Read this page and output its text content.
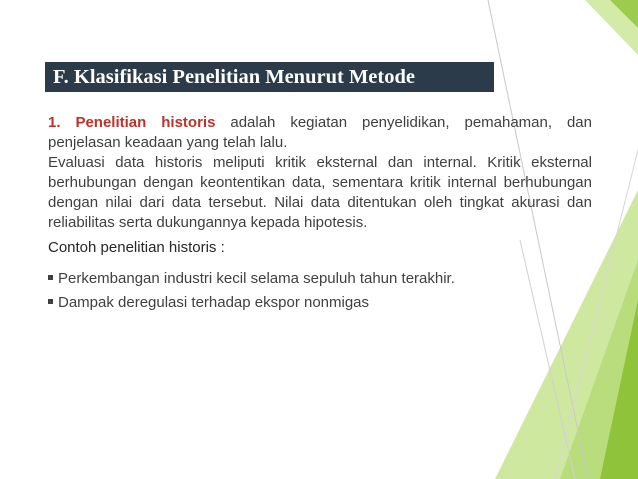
F. Klasifikasi Penelitian Menurut Metode

1. Penelitian historis adalah kegiatan penyelidikan, pemahaman, dan penjelasan keadaan yang telah lalu.

Evaluasi data historis meliputi kritik eksternal dan internal. Kritik eksternal berhubungan dengan keontentikan data, sementara kritik internal berhubungan dengan nilai dari data tersebut. Nilai data ditentukan oleh tingkat akurasi dan reliabilitas serta dukungannya kepada hipotesis.

Contoh penelitian historis :
Perkembangan industri kecil selama sepuluh tahun terakhir.
Dampak deregulasi terhadap ekspor nonmigas
